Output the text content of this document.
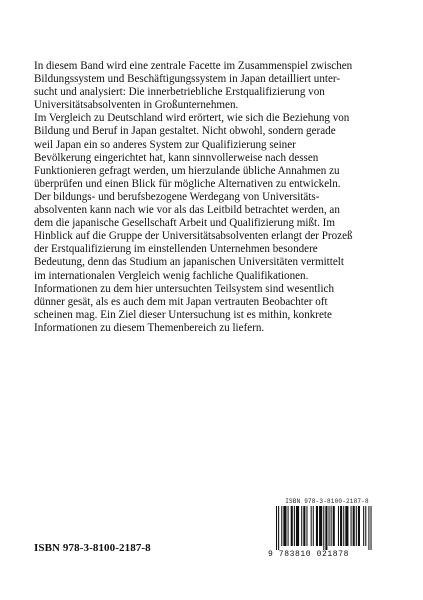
In diesem Band wird eine zentrale Facette im Zusammenspiel zwischen
Bildungssystem und Beschäftigungssystem in Japan detailliert unter-
sucht und analysiert: Die innerbetriebliche Erstqualifizierung von
Universitätsabsolventen in Großunternehmen.

Im Vergleich zu Deutschland wird erörtert, wie sich die Beziehung von
Bildung und Beruf in Japan gestaltet. Nicht obwohl, sondern gerade
weil Japan ein so anderes System zur Qualifizierung seiner
Bevölkerung eingerichtet hat, kann sinnvollerweise nach dessen
Funktionieren gefragt werden, um hierzulande übliche Annahmen zu
überprüfen und einen Blick für mögliche Alternativen zu entwickeln.

Der bildungs- und berufsbezogene Werdegang von Universitäts-
absolventen kann nach wie vor als das Leitbild betrachtet werden, an
dem die japanische Gesellschaft Arbeit und Qualifizierung mißt. Im
Hinblick auf die Gruppe der Universitätsabsolventen erlangt der Prozeß
der Erstqualifizierung im einstellenden Unternehmen besondere
Bedeutung, denn das Studium an japanischen Universitäten vermittelt
im internationalen Vergleich wenig fachliche Qualifikationen.

Informationen zu dem hier untersuchten Teilsystem sind wesentlich
dünner gesät, als es auch dem mit Japan vertrauten Beobachter oft
scheinen mag. Ein Ziel dieser Untersuchung ist es mithin, konkrete
Informationen zu diesem Themenbereich zu liefern.

ISBN 978-3-8100-2187-8
ISBN 978-3-8100-2187-8
9 783810 021878
